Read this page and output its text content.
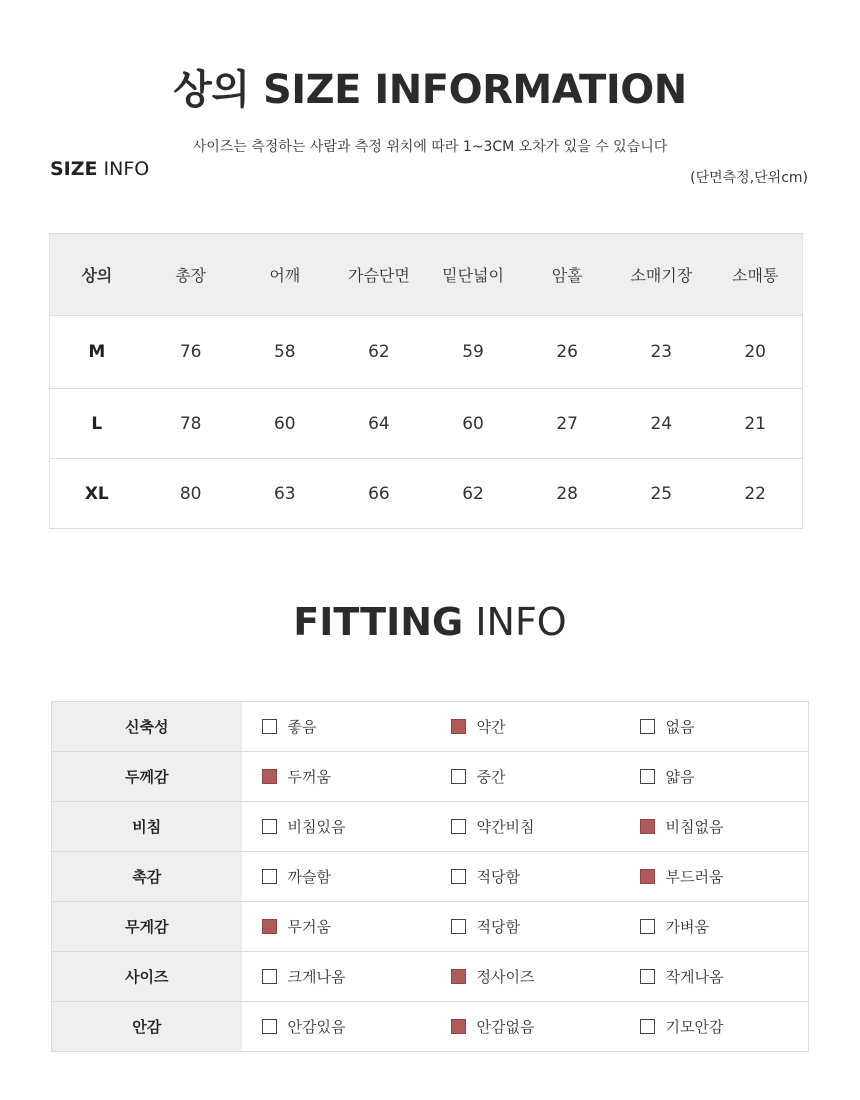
상의 SIZE INFORMATION
사이즈는 측정하는 사람과 측정 위치에 따라 1~3CM 오차가 있을 수 있습니다
SIZE INFO	(단면측정,단위cm)
상의	총장	어깨	가슴단면	밑단넓이	암홀	소매기장	소매통
M	76	58	62	59	26	23	20
L	78	60	64	60	27	24	21
XL	80	63	66	62	28	25	22
FITTING INFO
신축성	좋음	약간	없음
두께감	두꺼움	중간	얇음
비침	비침있음	약간비침	비침없음
촉감	까슬함	적당함	부드러움
무게감	무거움	적당함	가벼움
사이즈	크게나옴	정사이즈	작게나옴
안감	안감있음	안감없음	기모안감
